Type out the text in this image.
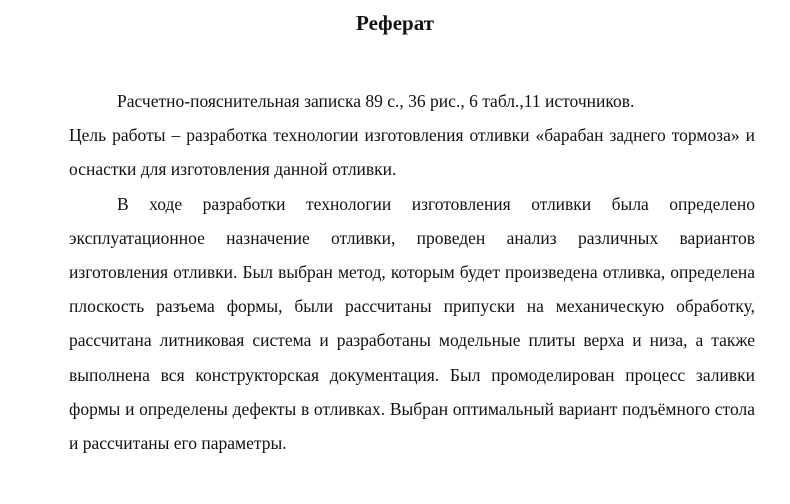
Реферат

Расчетно-пояснительная записка 89 с., 36 рис., 6 табл.,11 источников.

Цель работы – разработка технологии изготовления отливки «барабан заднего тормоза» и оснастки для изготовления данной отливки.

В ходе разработки технологии изготовления отливки была определено эксплуатационное назначение отливки, проведен анализ различных вариантов изготовления отливки. Был выбран метод, которым будет произведена отливка, определена плоскость разъема формы, были рассчитаны припуски на механическую обработку, рассчитана литниковая система и разработаны модельные плиты верха и низа, а также выполнена вся конструкторская документация. Был промоделирован процесс заливки формы и определены дефекты в отливках. Выбран оптимальный вариант подъёмного стола и рассчитаны его параметры.
